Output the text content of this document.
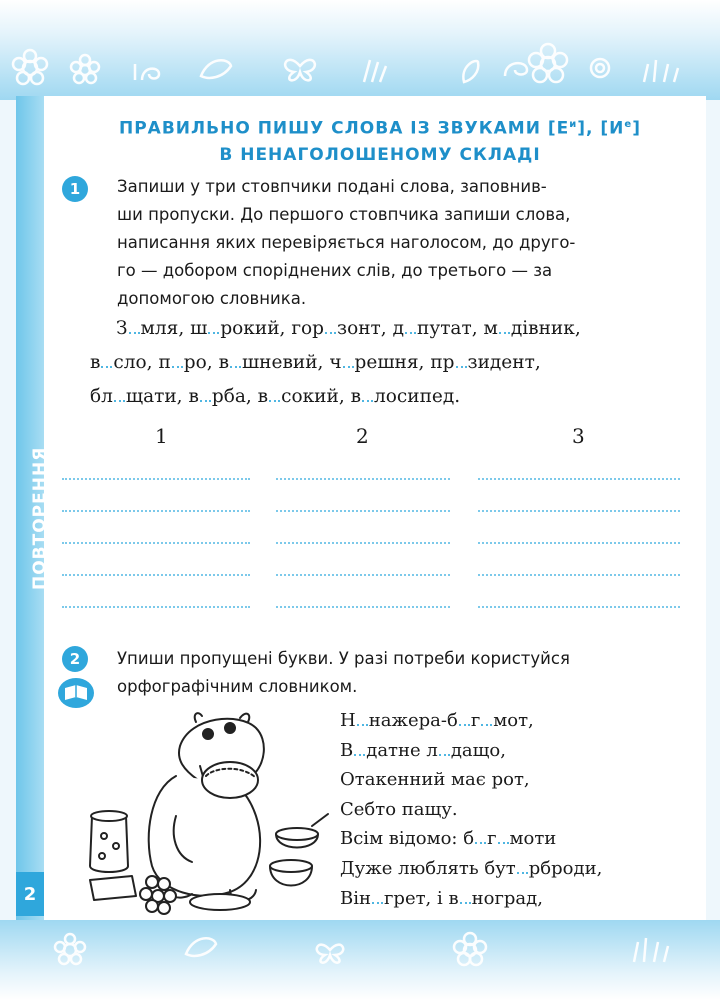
ПОВТОРЕННЯ
2
ПРАВИЛЬНО ПИШУ СЛОВА ІЗ ЗВУКАМИ $[Е^и]$, $[И^е]$
В НЕНАГОЛОШЕНОМУ СКЛАДІ
1	Запиши у три стовпчики подані слова, заповнив-
ши пропуски. До першого стовпчика запиши слова,
написання яких перевіряється наголосом, до друго-
го — добором споріднених слів, до третього — за
допомогою словника.
З мля, ш рокий, гор зонт, д путат, м дівник,
в сло, п ро, в шневий, ч решня, пр зидент,
бл щати, в рба, в сокий, в лосипед.
1	2	3
2	Упиши пропущені букви. У разі потреби користуйся
орфографічним словником.
Н нажера-б г мот,
В датне л дащо,
Отакенний має рот,
Себто пащу.
Всім відомо: б г моти
Дуже люблять бут рброди,
Він грет, і в ноград,
